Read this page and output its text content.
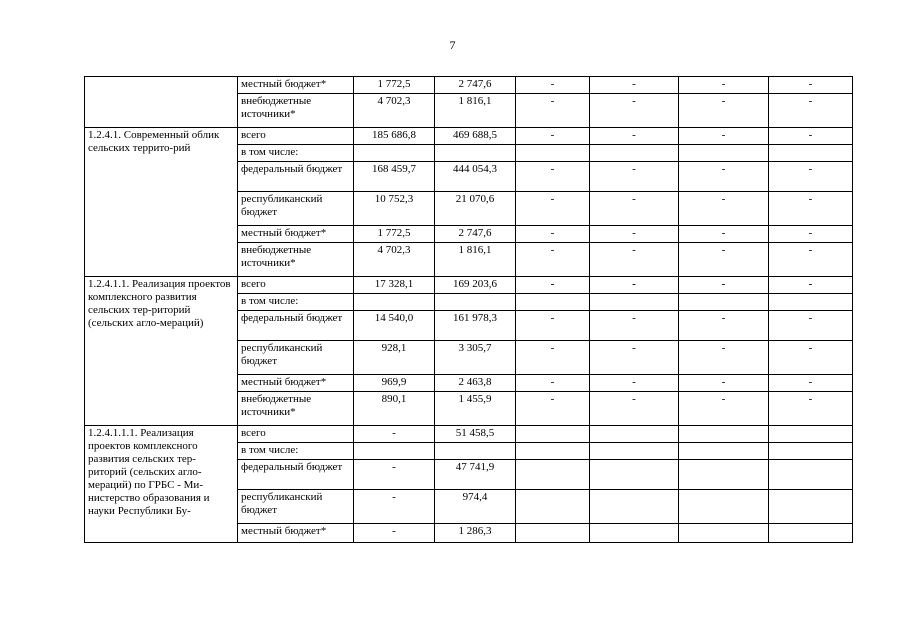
7
	местный бюджет*	1 772,5	2 747,6	-	-	-	-
	внебюджетные источники*	4 702,3	1 816,1	-	-	-	-
1.2.4.1. Современный облик сельских террито-рий	всего	185 686,8	469 688,5	-	-	-	-
	в том числе:						
	федеральный бюджет	168 459,7	444 054,3	-	-	-	-
	республиканский бюджет	10 752,3	21 070,6	-	-	-	-
	местный бюджет*	1 772,5	2 747,6	-	-	-	-
	внебюджетные источники*	4 702,3	1 816,1	-	-	-	-
1.2.4.1.1. Реализация проектов комплексного развития сельских тер-риторий (сельских агло-мераций)	всего	17 328,1	169 203,6	-	-	-	-
	в том числе:						
	федеральный бюджет	14 540,0	161 978,3	-	-	-	-
	республиканский бюджет	928,1	3 305,7	-	-	-	-
	местный бюджет*	969,9	2 463,8	-	-	-	-
	внебюджетные источники*	890,1	1 455,9	-	-	-	-
1.2.4.1.1.1. Реализация проектов комплексного развития сельских тер-риторий (сельских агло-мераций) по ГРБС - Ми-нистерство образования и науки Республики Бу-	всего	-	51 458,5				
	в том числе:						
	федеральный бюджет	-	47 741,9				
	республиканский бюджет	-	974,4				
	местный бюджет*	-	1 286,3				
